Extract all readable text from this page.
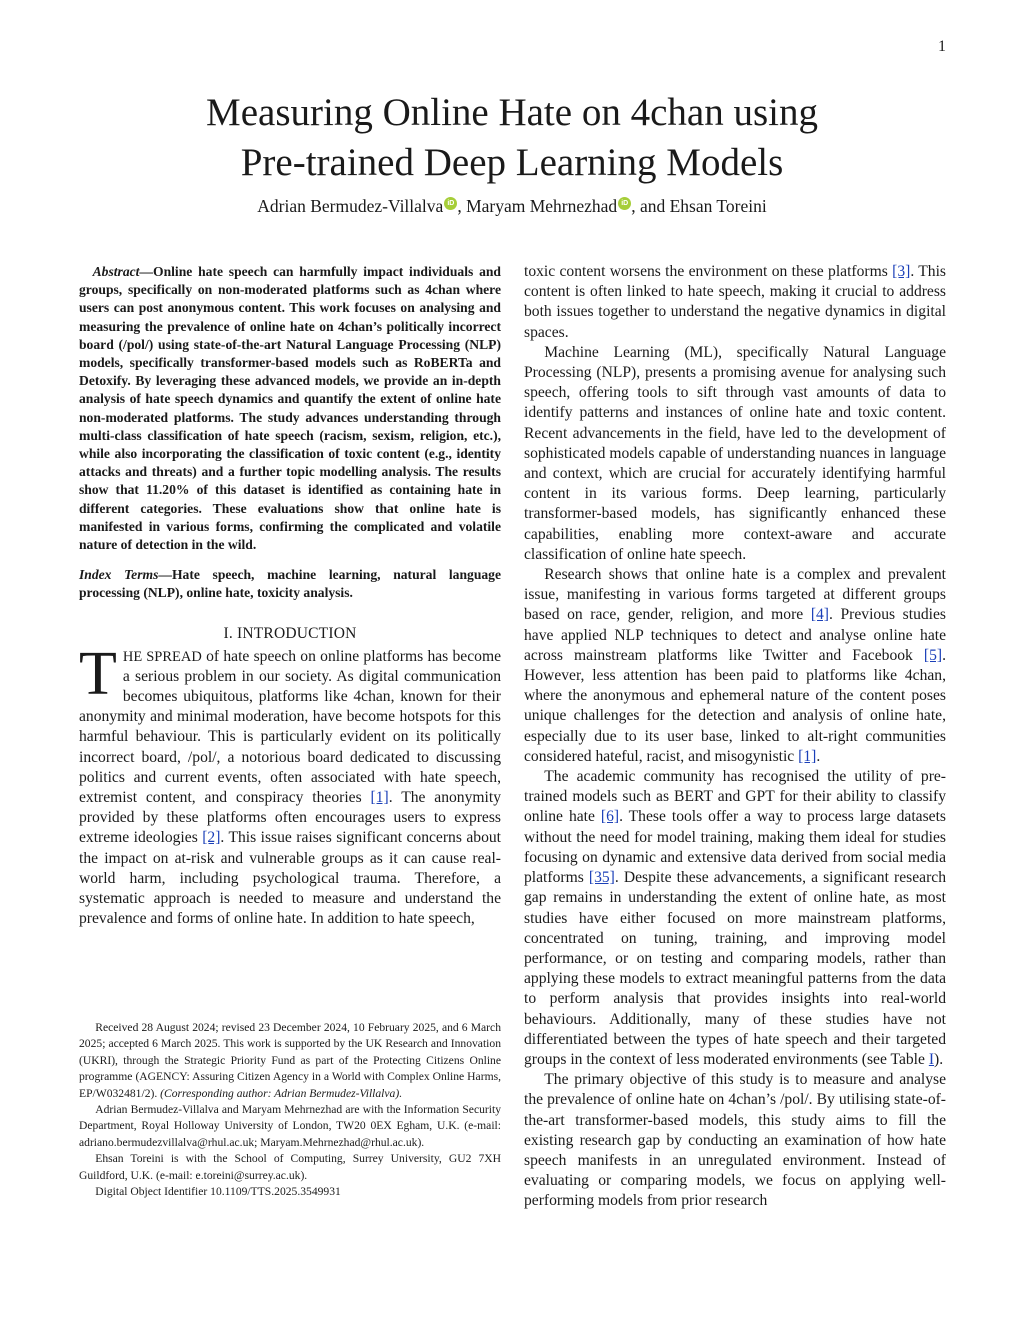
1
Measuring Online Hate on 4chan using
Pre-trained Deep Learning Models
Adrian Bermudez-Villalva iD , Maryam Mehrnezhad iD , and Ehsan Toreini

Abstract—Online hate speech can harmfully impact individuals and groups, specifically on non-moderated platforms such as 4chan where users can post anonymous content. This work focuses on analysing and measuring the prevalence of online hate on 4chan’s politically incorrect board (/pol/) using state-of-the-art Natural Language Processing (NLP) models, specifically transformer-based models such as RoBERTa and Detoxify. By leveraging these advanced models, we provide an in-depth analysis of hate speech dynamics and quantify the extent of online hate non-moderated platforms. The study advances understanding through multi-class classification of hate speech (racism, sexism, religion, etc.), while also incorporating the classification of toxic content (e.g., identity attacks and threats) and a further topic modelling analysis. The results show that 11.20% of this dataset is identified as containing hate in different categories. These evaluations show that online hate is manifested in various forms, confirming the complicated and volatile nature of detection in the wild.

Index Terms—Hate speech, machine learning, natural language processing (NLP), online hate, toxicity analysis.

I. INTRODUCTION

THE SPREAD of hate speech on online platforms has become a serious problem in our society. As digital communication becomes ubiquitous, platforms like 4chan, known for their anonymity and minimal moderation, have become hotspots for this harmful behaviour. This is particularly evident on its politically incorrect board, /pol/, a notorious board dedicated to discussing politics and current events, often associated with hate speech, extremist content, and conspiracy theories [1]. The anonymity provided by these platforms often encourages users to express extreme ideologies [2]. This issue raises significant concerns about the impact on at-risk and vulnerable groups as it can cause real-world harm, including psychological trauma. Therefore, a systematic approach is needed to measure and understand the prevalence and forms of online hate. In addition to hate speech,

Received 28 August 2024; revised 23 December 2024, 10 February 2025, and 6 March 2025; accepted 6 March 2025. This work is supported by the UK Research and Innovation (UKRI), through the Strategic Priority Fund as part of the Protecting Citizens Online programme (AGENCY: Assuring Citizen Agency in a World with Complex Online Harms, EP/W032481/2). (Corresponding author: Adrian Bermudez-Villalva).

Adrian Bermudez-Villalva and Maryam Mehrnezhad are with the Information Security Department, Royal Holloway University of London, TW20 0EX Egham, U.K. (e-mail: adriano.bermudezvillalva@rhul.ac.uk; Maryam.Mehrnezhad@rhul.ac.uk).

Ehsan Toreini is with the School of Computing, Surrey University, GU2 7XH Guildford, U.K. (e-mail: e.toreini@surrey.ac.uk).

Digital Object Identifier 10.1109/TTS.2025.3549931

toxic content worsens the environment on these platforms [3]. This content is often linked to hate speech, making it crucial to address both issues together to understand the negative dynamics in digital spaces.

Machine Learning (ML), specifically Natural Language Processing (NLP), presents a promising avenue for analysing such speech, offering tools to sift through vast amounts of data to identify patterns and instances of online hate and toxic content. Recent advancements in the field, have led to the development of sophisticated models capable of understanding nuances in language and context, which are crucial for accurately identifying harmful content in its various forms. Deep learning, particularly transformer-based models, has significantly enhanced these capabilities, enabling more context-aware and accurate classification of online hate speech.

Research shows that online hate is a complex and prevalent issue, manifesting in various forms targeted at different groups based on race, gender, religion, and more [4]. Previous studies have applied NLP techniques to detect and analyse online hate across mainstream platforms like Twitter and Facebook [5]. However, less attention has been paid to platforms like 4chan, where the anonymous and ephemeral nature of the content poses unique challenges for the detection and analysis of online hate, especially due to its user base, linked to alt-right communities considered hateful, racist, and misogynistic [1].

The academic community has recognised the utility of pre-trained models such as BERT and GPT for their ability to classify online hate [6]. These tools offer a way to process large datasets without the need for model training, making them ideal for studies focusing on dynamic and extensive data derived from social media platforms [35]. Despite these advancements, a significant research gap remains in understanding the extent of online hate, as most studies have either focused on more mainstream platforms, concentrated on tuning, training, and improving model performance, or on testing and comparing models, rather than applying these models to extract meaningful patterns from the data to perform analysis that provides insights into real-world behaviours. Additionally, many of these studies have not differentiated between the types of hate speech and their targeted groups in the context of less moderated environments (see Table I).

The primary objective of this study is to measure and analyse the prevalence of online hate on 4chan’s /pol/. By utilising state-of-the-art transformer-based models, this study aims to fill the existing research gap by conducting an examination of how hate speech manifests in an unregulated environment. Instead of evaluating or comparing models, we focus on applying well-performing models from prior research
